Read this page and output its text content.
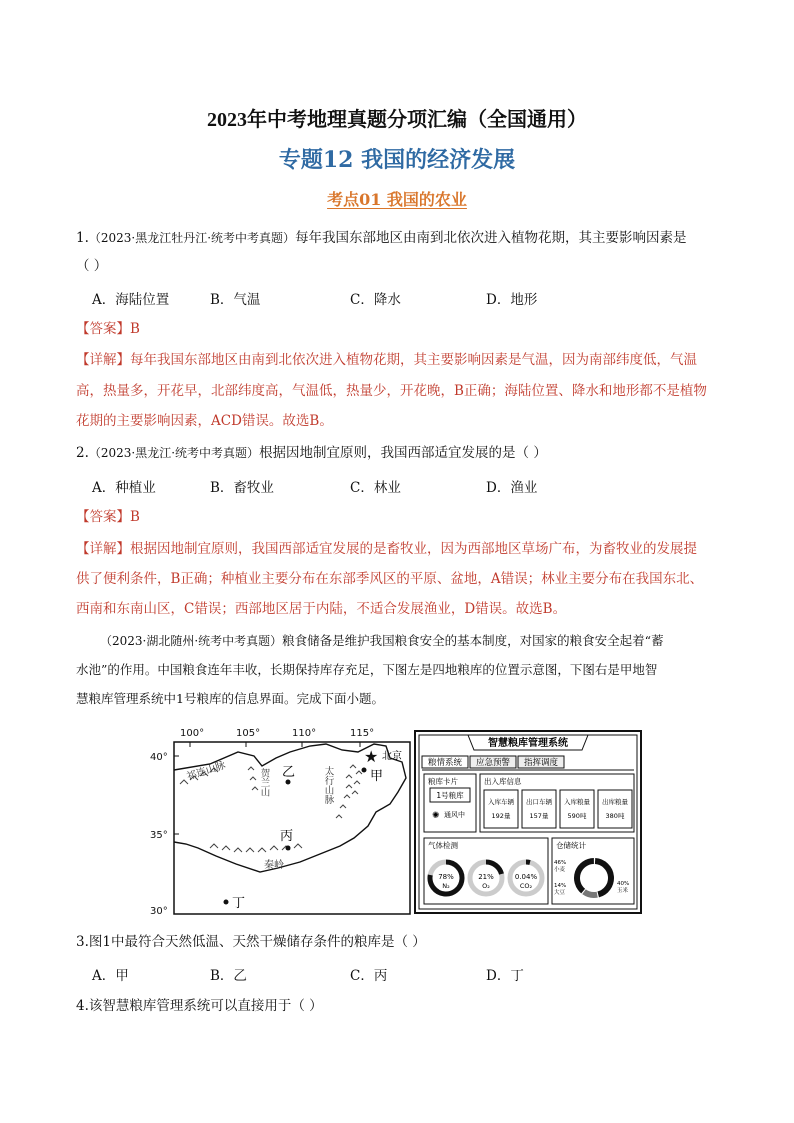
2023年中考地理真题分项汇编（全国通用）
专题12 我国的经济发展
考点01 我国的农业
1.（2023·黑龙江牡丹江·统考中考真题）每年我国东部地区由南到北依次进入植物花期，其主要影响因素是
（ ）
A．海陆位置	B．气温	C．降水	D．地形
【答案】B
【详解】每年我国东部地区由南到北依次进入植物花期，其主要影响因素是气温，因为南部纬度低，气温
高，热量多，开花早，北部纬度高，气温低，热量少，开花晚，B正确；海陆位置、降水和地形都不是植物
花期的主要影响因素，ACD错误。故选B。
2.（2023·黑龙江·统考中考真题）根据因地制宜原则，我国西部适宜发展的是（ ）
A．种植业	B．畜牧业	C．林业	D．渔业
【答案】B
【详解】根据因地制宜原则，我国西部适宜发展的是畜牧业，因为西部地区草场广布，为畜牧业的发展提
供了便利条件，B正确；种植业主要分布在东部季风区的平原、盆地，A错误；林业主要分布在我国东北、
西南和东南山区，C错误；西部地区居于内陆，不适合发展渔业，D错误。故选B。
（2023·湖北随州·统考中考真题）粮食储备是维护我国粮食安全的基本制度，对国家的粮食安全起着“蓄
水池”的作用。中国粮食连年丰收，长期保持库存充足，下图左是四地粮库的位置示意图，下图右是甲地智
慧粮库管理系统中1号粮库的信息界面。完成下面小题。
100°	105°	110°	115°
40°
35°
30°
祁连山脉	贺兰山	太行山脉
秦岭
★ 北京
甲
乙
丙
丁
智慧粮库管理系统
粮情系统 应急预警 指挥调度
粮库卡片
1号粮库
✺ 通风中
出入库信息
入库车辆
192量
出口车辆
157量
入库粮量
590吨
出库粮量
380吨
气体检测
78%
N₂
21%
O₂
0.04%
CO₂
仓储统计
46%
小麦
14%
大豆
40%
玉米
3.图1中最符合天然低温、天然干燥储存条件的粮库是（ ）
A．甲	B．乙	C．丙	D．丁
4.该智慧粮库管理系统可以直接用于（ ）
